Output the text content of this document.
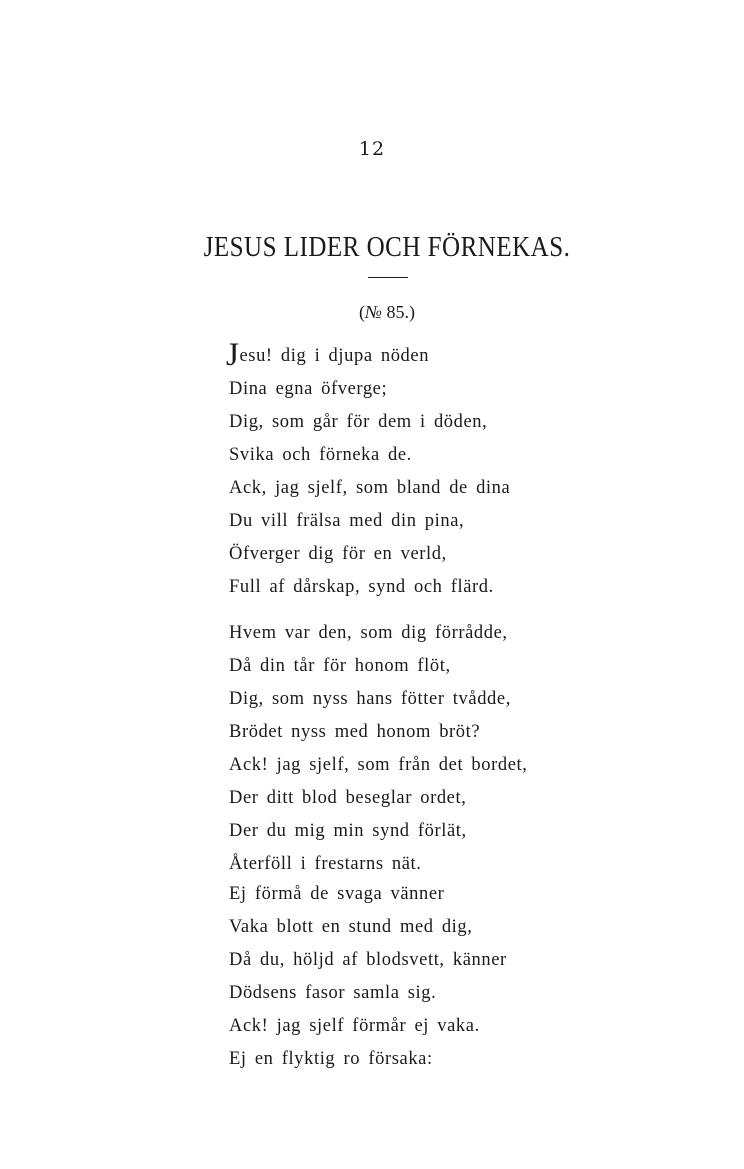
12
JESUS LIDER OCH FÖRNEKAS.
(№ 85.)
Jesu! dig i djupa nöden
Dina egna öfverge;
Dig, som går för dem i döden,
Svika och förneka de.
Ack, jag sjelf, som bland de dina
Du vill frälsa med din pina,
Öfverger dig för en verld,
Full af dårskap, synd och flärd.
Hvem var den, som dig förrådde,
Då din tår för honom flöt,
Dig, som nyss hans fötter tvådde,
Brödet nyss med honom bröt?
Ack! jag sjelf, som från det bordet,
Der ditt blod beseglar ordet,
Der du mig min synd förlät,
Återföll i frestarns nät.
Ej förmå de svaga vänner
Vaka blott en stund med dig,
Då du, höljd af blodsvett, känner
Dödsens fasor samla sig.
Ack! jag sjelf förmår ej vaka.
Ej en flyktig ro försaka:
